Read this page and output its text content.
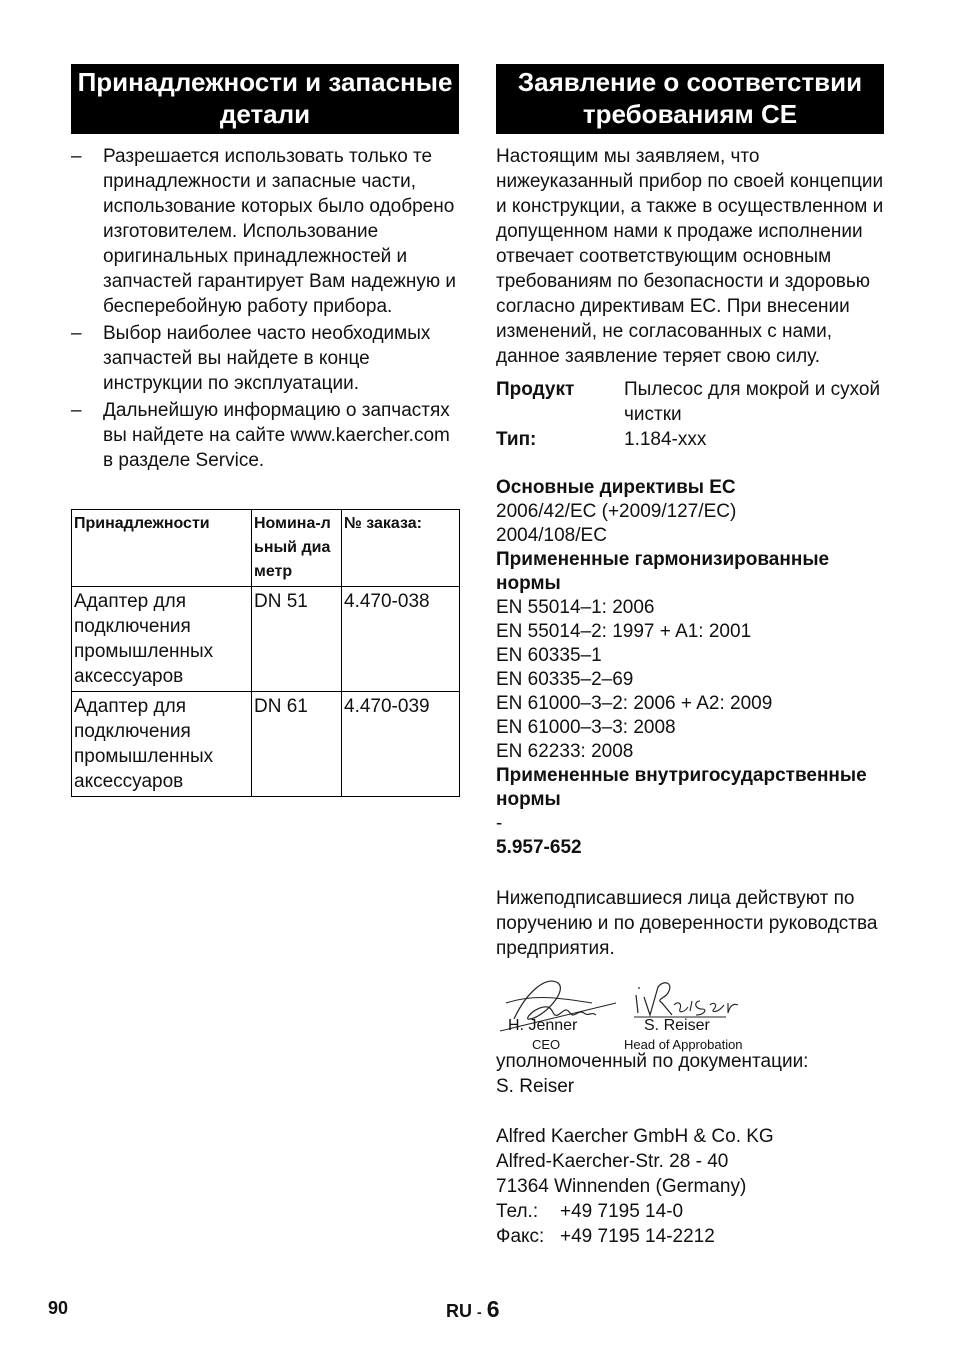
Принадлежности и запасные детали
– Разрешается использовать только те принадлежности и запасные части, использование которых было одобрено изготовителем. Использование оригинальных принадлежностей и запчастей гарантирует Вам надежную и бесперебойную работу прибора.
– Выбор наиболее часто необходимых запчастей вы найдете в конце инструкции по эксплуатации.
– Дальнейшую информацию о запчастях вы найдете на сайте www.kaercher.com в разделе Service.
Принадлежности	Номина-льный диаметр	№ заказа:
Адаптер для подключения промышленных аксессуаров	DN 51	4.470-038
Адаптер для подключения промышленных аксессуаров	DN 61	4.470-039
Заявление о соответствии требованиям CE
Настоящим мы заявляем, что нижеуказанный прибор по своей концепции и конструкции, а также в осуществленном и допущенном нами к продаже исполнении отвечает соответствующим основным требованиям по безопасности и здоровью согласно директивам ЕС. При внесении изменений, не согласованных с нами, данное заявление теряет свою силу.
Продукт	Пылесос для мокрой и сухой чистки
Тип:	1.184-xxx
Основные директивы ЕС
2006/42/EC (+2009/127/EC)
2004/108/EC
Примененные гармонизированные нормы
EN 55014–1: 2006
EN 55014–2: 1997 + A1: 2001
EN 60335–1
EN 60335–2–69
EN 61000–3–2: 2006 + A2: 2009
EN 61000–3–3: 2008
EN 62233: 2008
Примененные внутригосударственные нормы
-
5.957-652
Нижеподписавшиеся лица действуют по поручению и по доверенности руководства предприятия.
H. Jenner
CEO
S. Reiser
Head of Approbation
уполномоченный по документации:
S. Reiser
Alfred Kaercher GmbH & Co. KG
Alfred-Kaercher-Str. 28 - 40
71364 Winnenden (Germany)
Тел.: +49 7195 14-0
Факс: +49 7195 14-2212
90	RU - 6
